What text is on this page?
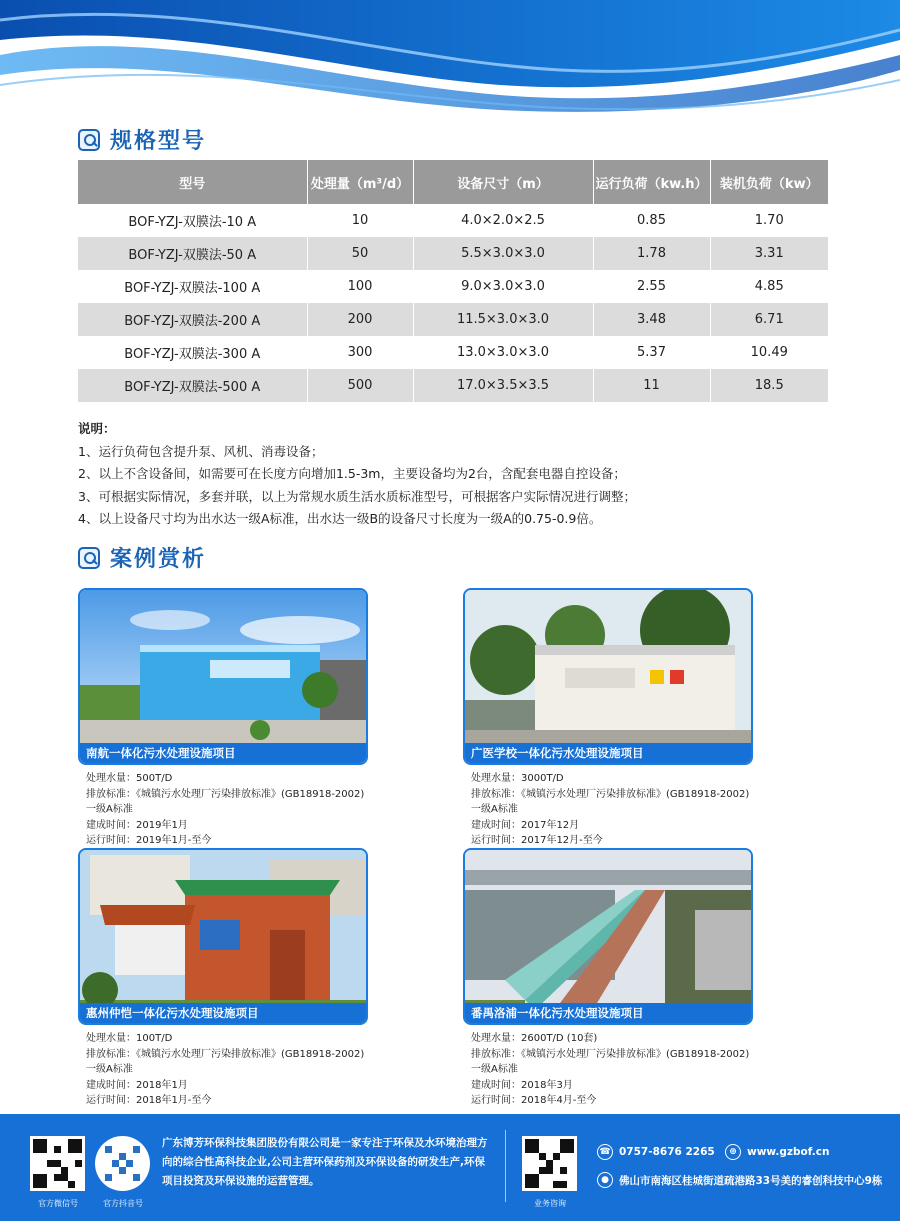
规格型号
型号	处理量（m³/d）	设备尺寸（m）	运行负荷（kw.h）	装机负荷（kw）
BOF-YZJ-双膜法-10 A	10	4.0×2.0×2.5	0.85	1.70
BOF-YZJ-双膜法-50 A	50	5.5×3.0×3.0	1.78	3.31
BOF-YZJ-双膜法-100 A	100	9.0×3.0×3.0	2.55	4.85
BOF-YZJ-双膜法-200 A	200	11.5×3.0×3.0	3.48	6.71
BOF-YZJ-双膜法-300 A	300	13.0×3.0×3.0	5.37	10.49
BOF-YZJ-双膜法-500 A	500	17.0×3.5×3.5	11	18.5
说明：
1、运行负荷包含提升泵、风机、消毒设备；
2、以上不含设备间，如需要可在长度方向增加1.5-3m，主要设备均为2台，含配套电器自控设备；
3、可根据实际情况，多套并联，以上为常规水质生活水质标准型号，可根据客户实际情况进行调整；
4、以上设备尺寸均为出水达一级A标准，出水达一级B的设备尺寸长度为一级A的0.75-0.9倍。
案例赏析
南航一体化污水处理设施项目
处理水量：500T/D
排放标准：《城镇污水处理厂污染排放标准》(GB18918-2002) 一级A标准
建成时间：2019年1月
运行时间：2019年1月-至今
广医学校一体化污水处理设施项目
处理水量：3000T/D
排放标准：《城镇污水处理厂污染排放标准》(GB18918-2002) 一级A标准
建成时间：2017年12月
运行时间：2017年12月-至今
惠州仲恺一体化污水处理设施项目
处理水量：100T/D
排放标准：《城镇污水处理厂污染排放标准》(GB18918-2002) 一级A标准
建成时间：2018年1月
运行时间：2018年1月-至今
番禺洛浦一体化污水处理设施项目
处理水量：2600T/D (10套)
排放标准：《城镇污水处理厂污染排放标准》(GB18918-2002) 一级A标准
建成时间：2018年3月
运行时间：2018年4月-至今
官方微信号	官方抖音号
广东博芳环保科技集团股份有限公司是一家专注于环保及水环境治理方向的综合性高科技企业,公司主营环保药剂及环保设备的研发生产,环保项目投资及环保设施的运营管理。
业务咨询
☎ 0757-8676 2265	⊕ www.gzbof.cn
● 佛山市南海区桂城街道疏港路33号美的睿创科技中心9栋
